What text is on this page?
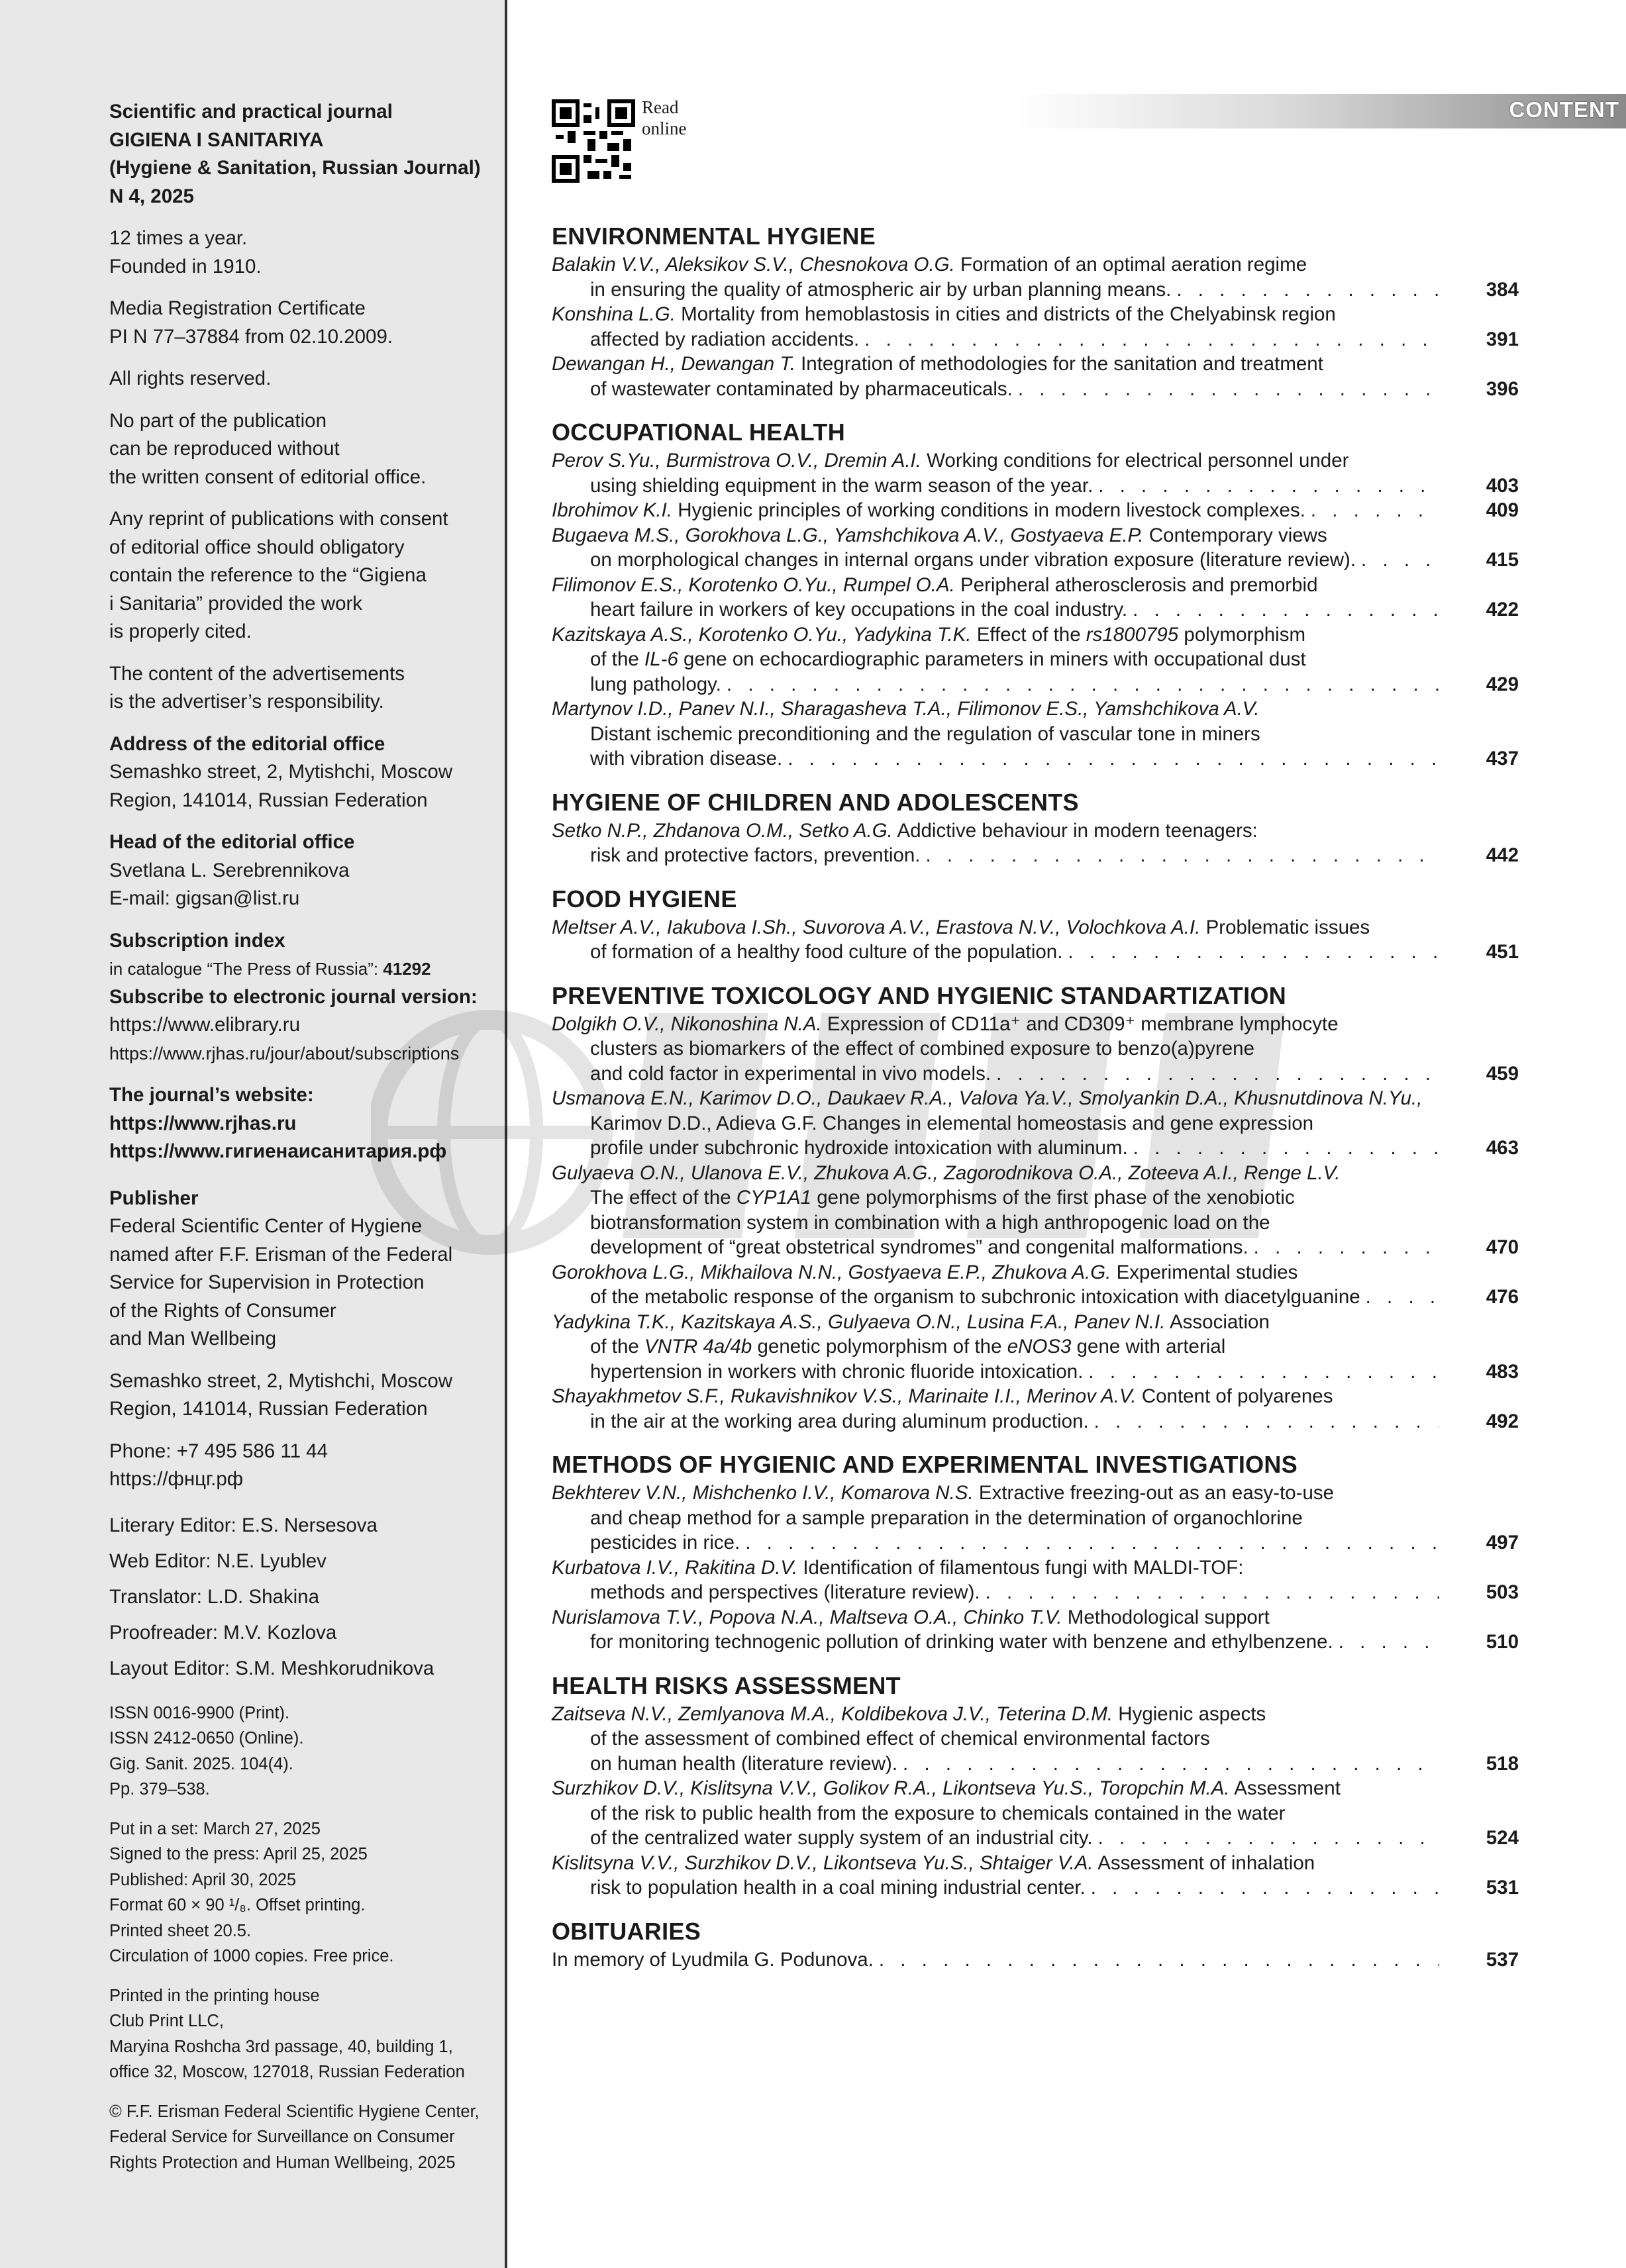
Scientific and practical journal
GIGIENA I SANITARIYA
(Hygiene & Sanitation, Russian Journal)
N 4, 2025
12 times a year.
Founded in 1910.
Media Registration Certificate
PI N 77–37884 from 02.10.2009.
All rights reserved.
No part of the publication
can be reproduced without
the written consent of editorial office.
Any reprint of publications with consent
of editorial office should obligatory
contain the reference to the “Gigiena
i Sanitaria” provided the work
is properly cited.
The content of the advertisements
is the advertiser’s responsibility.
Address of the editorial office
Semashko street, 2, Mytishchi, Moscow
Region, 141014, Russian Federation
Head of the editorial office
Svetlana L. Serebrennikova
E-mail: gigsan@list.ru
Subscription index
in catalogue “The Press of Russia”: 41292
Subscribe to electronic journal version:
https://www.elibrary.ru
https://www.rjhas.ru/jour/about/subscriptions
The journal’s website:
https://www.rjhas.ru
https://www.гигиенаисанитария.рф
Publisher
Federal Scientific Center of Hygiene
named after F.F. Erisman of the Federal
Service for Supervision in Protection
of the Rights of Consumer
and Man Wellbeing
Semashko street, 2, Mytishchi, Moscow
Region, 141014, Russian Federation
Phone: +7 495 586 11 44
https://фнцг.рф
Literary Editor: E.S. Nersesova
Web Editor: N.E. Lyublev
Translator: L.D. Shakina
Proofreader: M.V. Kozlova
Layout Editor: S.M. Meshkorudnikova
ISSN 0016-9900 (Print).
ISSN 2412-0650 (Online).
Gig. Sanit. 2025. 104(4).
Pp. 379–538.
Put in a set: March 27, 2025
Signed to the press: April 25, 2025
Published: April 30, 2025
Format 60 × 90 ¹/₈. Offset printing.
Printed sheet 20.5.
Circulation of 1000 copies. Free price.
Printed in the printing house
Club Print LLC,
Maryina Roshcha 3rd passage, 40, building 1,
office 32, Moscow, 127018, Russian Federation
© F.F. Erisman Federal Scientific Hygiene Center,
Federal Service for Surveillance on Consumer
Rights Protection and Human Wellbeing, 2025
Read
online
CONTENT
ENVIRONMENTAL HYGIENE
Balakin V.V., Aleksikov S.V., Chesnokova O.G. Formation of an optimal aeration regime
in ensuring the quality of atmospheric air by urban planning means. . . .	384
Konshina L.G. Mortality from hemoblastosis in cities and districts of the Chelyabinsk region
affected by radiation accidents. . . .	391
Dewangan H., Dewangan T. Integration of methodologies for the sanitation and treatment
of wastewater contaminated by pharmaceuticals. . . .	396
OCCUPATIONAL HEALTH
Perov S.Yu., Burmistrova O.V., Dremin A.I. Working conditions for electrical personnel under
using shielding equipment in the warm season of the year. . . .	403
Ibrohimov K.I. Hygienic principles of working conditions in modern livestock complexes. . . .	409
Bugaeva M.S., Gorokhova L.G., Yamshchikova A.V., Gostyaeva E.P. Contemporary views
on morphological changes in internal organs under vibration exposure (literature review). . . .	415
Filimonov E.S., Korotenko O.Yu., Rumpel O.A. Peripheral atherosclerosis and premorbid
heart failure in workers of key occupations in the coal industry. . . .	422
Kazitskaya A.S., Korotenko O.Yu., Yadykina T.K. Effect of the rs1800795 polymorphism
of the IL-6 gene on echocardiographic parameters in miners with occupational dust
lung pathology. . . .	429
Martynov I.D., Panev N.I., Sharagasheva T.A., Filimonov E.S., Yamshchikova A.V.
Distant ischemic preconditioning and the regulation of vascular tone in miners
with vibration disease. . . .	437
HYGIENE OF CHILDREN AND ADOLESCENTS
Setko N.P., Zhdanova O.M., Setko A.G. Addictive behaviour in modern teenagers:
risk and protective factors, prevention. . . .	442
FOOD HYGIENE
Meltser A.V., Iakubova I.Sh., Suvorova A.V., Erastova N.V., Volochkova A.I. Problematic issues
of formation of a healthy food culture of the population. . . .	451
PREVENTIVE TOXICOLOGY AND HYGIENIC STANDARTIZATION
Dolgikh O.V., Nikonoshina N.A. Expression of CD11a⁺ and CD309⁺ membrane lymphocyte
clusters as biomarkers of the effect of combined exposure to benzo(a)pyrene
and cold factor in experimental in vivo models. . . .	459
Usmanova E.N., Karimov D.O., Daukaev R.A., Valova Ya.V., Smolyankin D.A., Khusnutdinova N.Yu.,
Karimov D.D., Adieva G.F. Changes in elemental homeostasis and gene expression
profile under subchronic hydroxide intoxication with aluminum. . . .	463
Gulyaeva O.N., Ulanova E.V., Zhukova A.G., Zagorodnikova O.A., Zoteeva A.I., Renge L.V.
The effect of the CYP1A1 gene polymorphisms of the first phase of the xenobiotic
biotransformation system in combination with a high anthropogenic load on the
development of “great obstetrical syndromes” and congenital malformations. . . .	470
Gorokhova L.G., Mikhailova N.N., Gostyaeva E.P., Zhukova A.G. Experimental studies
of the metabolic response of the organism to subchronic intoxication with diacetylguanine . . .	476
Yadykina T.K., Kazitskaya A.S., Gulyaeva O.N., Lusina F.A., Panev N.I. Association
of the VNTR 4a/4b genetic polymorphism of the eNOS3 gene with arterial
hypertension in workers with chronic fluoride intoxication. . . .	483
Shayakhmetov S.F., Rukavishnikov V.S., Marinaite I.I., Merinov A.V. Content of polyarenes
in the air at the working area during aluminum production. . . .	492
METHODS OF HYGIENIC AND EXPERIMENTAL INVESTIGATIONS
Bekhterev V.N., Mishchenko I.V., Komarova N.S. Extractive freezing-out as an easy-to-use
and cheap method for a sample preparation in the determination of organochlorine
pesticides in rice. . . .	497
Kurbatova I.V., Rakitina D.V. Identification of filamentous fungi with MALDI-TOF:
methods and perspectives (literature review). . . .	503
Nurislamova T.V., Popova N.A., Maltseva O.A., Chinko T.V. Methodological support
for monitoring technogenic pollution of drinking water with benzene and ethylbenzene. . . .	510
HEALTH RISKS ASSESSMENT
Zaitseva N.V., Zemlyanova M.A., Koldibekova J.V., Teterina D.M. Hygienic aspects
of the assessment of combined effect of chemical environmental factors
on human health (literature review). . . .	518
Surzhikov D.V., Kislitsyna V.V., Golikov R.A., Likontseva Yu.S., Toropchin M.A. Assessment
of the risk to public health from the exposure to chemicals contained in the water
of the centralized water supply system of an industrial city. . . .	524
Kislitsyna V.V., Surzhikov D.V., Likontseva Yu.S., Shtaiger V.A. Assessment of inhalation
risk to population health in a coal mining industrial center. . . .	531
OBITUARIES
In memory of Lyudmila G. Podunova. . . .	537
